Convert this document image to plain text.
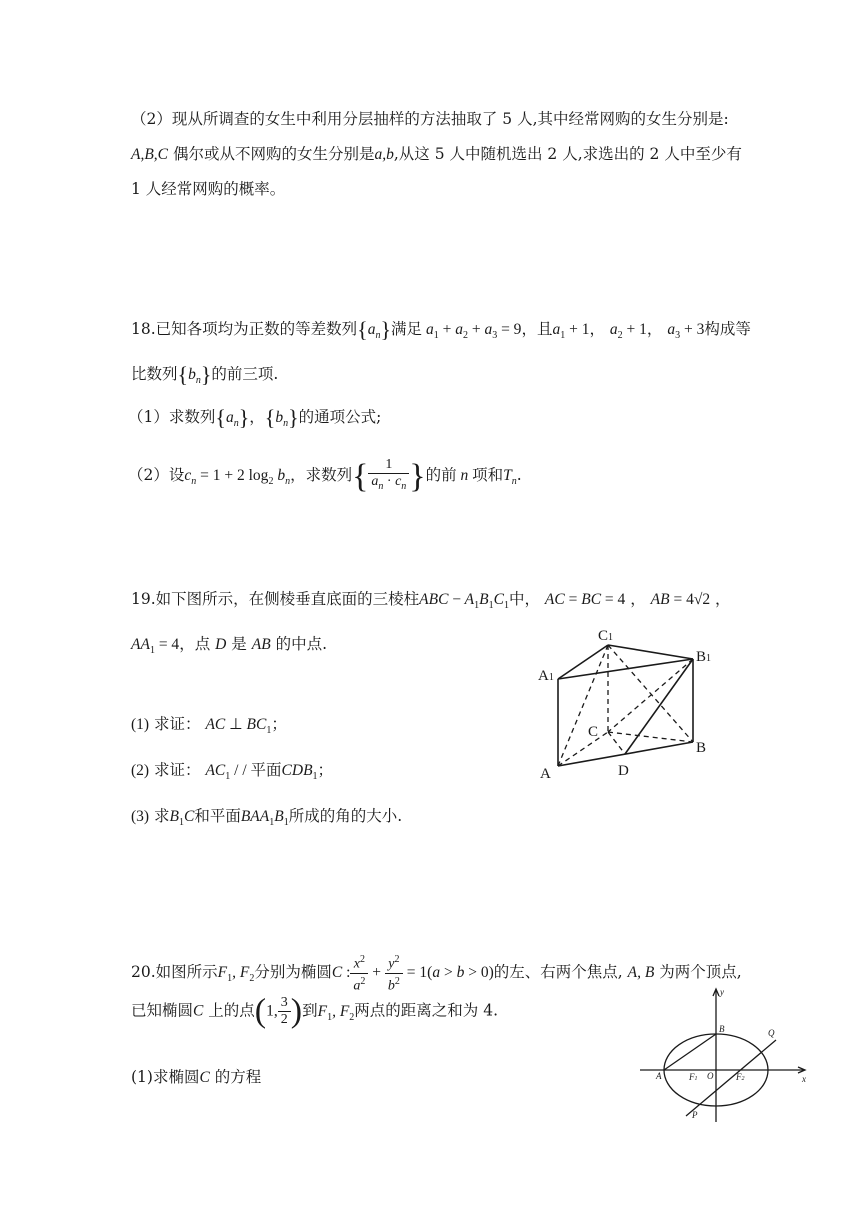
（2）现从所调查的女生中利用分层抽样的方法抽取了 5 人,其中经常网购的女生分别是:
A,B,C 偶尔或从不网购的女生分别是a,b,从这 5 人中随机选出 2 人,求选出的 2 人中至少有
1 人经常网购的概率。
18.已知各项均为正数的等差数列$\{a_n\}$满足 $a_1 + a_2 + a_3 = 9$，且$a_1 + 1$， $a_2 + 1$， $a_3 + 3$构成等
比数列$\{b_n\}$的前三项.
（1）求数列$\{a_n\}$，$\{b_n\}$的通项公式;
（2）设$c_n = 1 + 2$ $\log_2 b_n$，求数列{ $\frac{1}{a_n \cdot c_n}$ }的前 n 项和$T_n$.
19.如下图所示，在侧棱垂直底面的三棱柱ABC − $A_1B_1C_1$中， AC = BC = 4 ， AB = 4√2 ，
$AA_1 = 4$，点 D 是 AB 的中点.
(1) 求证： AC ⊥ $BC_1$；
(2) 求证： $AC_1$ / / 平面$CDB_1$；
(3) 求$B_1C$和平面$BAA_1B_1$所成的角的大小.
C1
B1
A1
C
B
A	D
20.如图所示$F_1$, $F_2$分别为椭圆C : $\frac{x^2}{a^2} + \frac{y^2}{b^2} = 1(a > b > 0)$的左、右两个焦点, A, B 为两个顶点,
已知椭圆C 上的点(1, $\frac{3}{2}$ )到$F_1$, $F_2$两点的距离之和为 4.
(1)求椭圆C 的方程
y
x
B
A	O
F1	F2
Q
P
